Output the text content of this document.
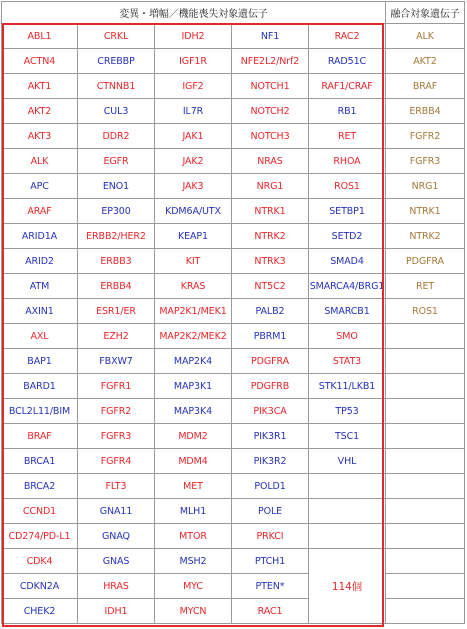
変異・増幅／機能喪失対象遺伝子					融合対象遺伝子
ABL1	CRKL	IDH2	NF1	RAC2	ALK
ACTN4	CREBBP	IGF1R	NFE2L2/Nrf2	RAD51C	AKT2
AKT1	CTNNB1	IGF2	NOTCH1	RAF1/CRAF	BRAF
AKT2	CUL3	IL7R	NOTCH2	RB1	ERBB4
AKT3	DDR2	JAK1	NOTCH3	RET	FGFR2
ALK	EGFR	JAK2	NRAS	RHOA	FGFR3
APC	ENO1	JAK3	NRG1	ROS1	NRG1
ARAF	EP300	KDM6A/UTX	NTRK1	SETBP1	NTRK1
ARID1A	ERBB2/HER2	KEAP1	NTRK2	SETD2	NTRK2
ARID2	ERBB3	KIT	NTRK3	SMAD4	PDGFRA
ATM	ERBB4	KRAS	NT5C2	SMARCA4/BRG1	RET
AXIN1	ESR1/ER	MAP2K1/MEK1	PALB2	SMARCB1	ROS1
AXL	EZH2	MAP2K2/MEK2	PBRM1	SMO	
BAP1	FBXW7	MAP2K4	PDGFRA	STAT3	
BARD1	FGFR1	MAP3K1	PDGFRB	STK11/LKB1	
BCL2L11/BIM	FGFR2	MAP3K4	PIK3CA	TP53	
BRAF	FGFR3	MDM2	PIK3R1	TSC1	
BRCA1	FGFR4	MDM4	PIK3R2	VHL	
BRCA2	FLT3	MET	POLD1		
CCND1	GNA11	MLH1	POLE		
CD274/PD-L1	GNAQ	MTOR	PRKCI		
CDK4	GNAS	MSH2	PTCH1	114個	
CDKN2A	HRAS	MYC	PTEN*		
CHEK2	IDH1	MYCN	RAC1		
